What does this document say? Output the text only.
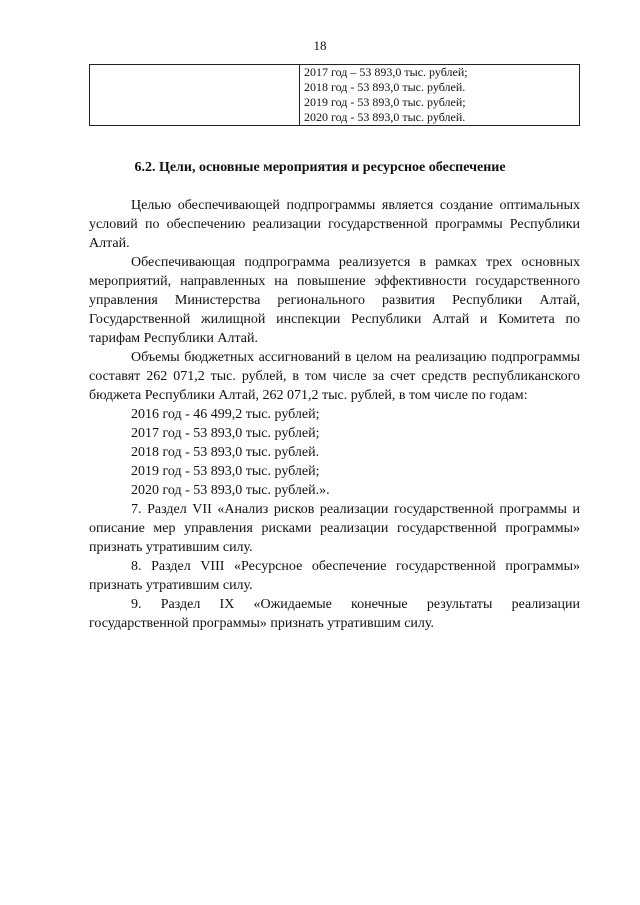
18

2017 год – 53 893,0 тыс. рублей;
2018 год - 53 893,0 тыс. рублей.
2019 год - 53 893,0 тыс. рублей;
2020 год - 53 893,0 тыс. рублей.
6.2. Цели, основные мероприятия и ресурсное обеспечение

Целью обеспечивающей подпрограммы является создание оптимальных условий по обеспечению реализации государственной программы Республики Алтай.

Обеспечивающая подпрограмма реализуется в рамках трех основных мероприятий, направленных на повышение эффективности государственного управления Министерства регионального развития Республики Алтай, Государственной жилищной инспекции Республики Алтай и Комитета по тарифам Республики Алтай.

Объемы бюджетных ассигнований в целом на реализацию подпрограммы составят 262 071,2 тыс. рублей, в том числе за счет средств республиканского бюджета Республики Алтай, 262 071,2 тыс. рублей, в том числе по годам:

2016 год - 46 499,2 тыс. рублей;

2017 год - 53 893,0 тыс. рублей;

2018 год - 53 893,0 тыс. рублей.

2019 год - 53 893,0 тыс. рублей;

2020 год - 53 893,0 тыс. рублей.».

7. Раздел VII «Анализ рисков реализации государственной программы и описание мер управления рисками реализации государственной программы» признать утратившим силу.

8. Раздел VIII «Ресурсное обеспечение государственной программы» признать утратившим силу.

9. Раздел IX «Ожидаемые конечные результаты реализации государственной программы» признать утратившим силу.
